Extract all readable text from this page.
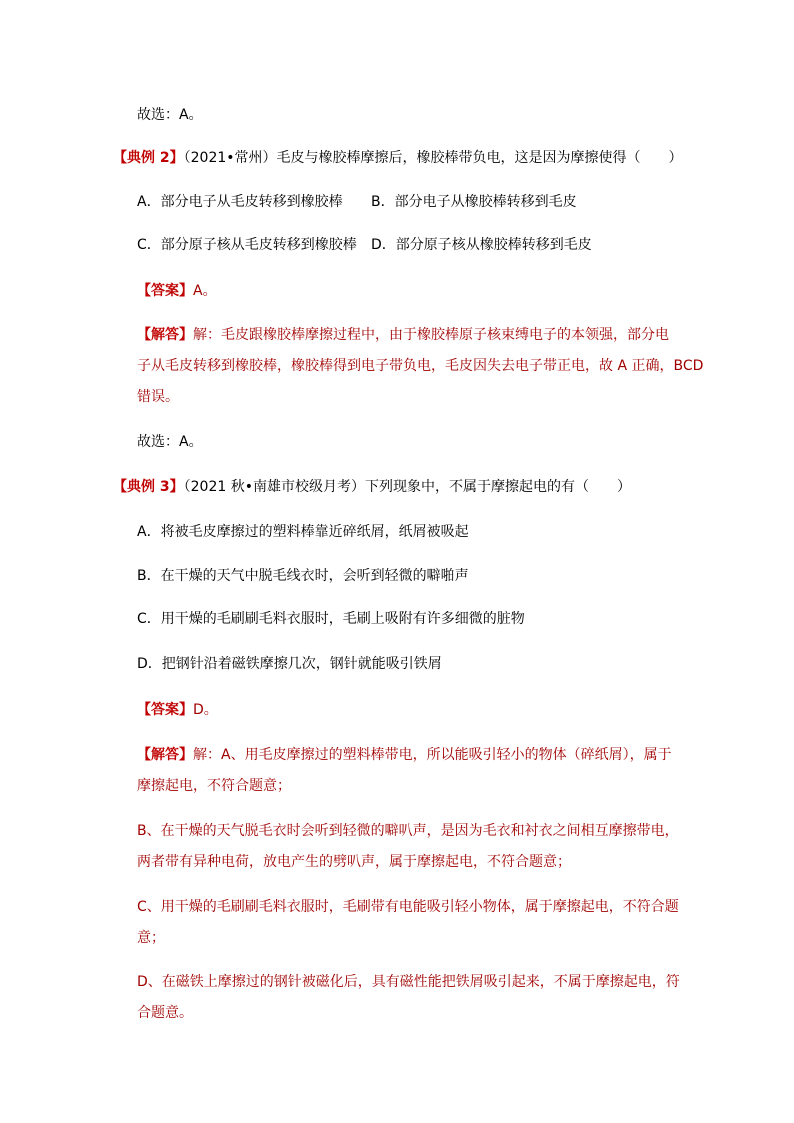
故选：A。
【典例 2】（2021•常州）毛皮与橡胶棒摩擦后，橡胶棒带负电，这是因为摩擦使得（　　）
A．部分电子从毛皮转移到橡胶棒 B．部分电子从橡胶棒转移到毛皮
C．部分原子核从毛皮转移到橡胶棒 D．部分原子核从橡胶棒转移到毛皮
【答案】A。
【解答】解：毛皮跟橡胶棒摩擦过程中，由于橡胶棒原子核束缚电子的本领强，部分电
子从毛皮转移到橡胶棒，橡胶棒得到电子带负电，毛皮因失去电子带正电，故 A 正确，BCD
错误。
故选：A。
【典例 3】（2021 秋•南雄市校级月考）下列现象中，不属于摩擦起电的有（　　）
A．将被毛皮摩擦过的塑料棒靠近碎纸屑，纸屑被吸起
B．在干燥的天气中脱毛线衣时，会听到轻微的噼啪声
C．用干燥的毛刷刷毛料衣服时，毛刷上吸附有许多细微的脏物
D．把钢针沿着磁铁摩擦几次，钢针就能吸引铁屑
【答案】D。
【解答】解：A、用毛皮摩擦过的塑料棒带电，所以能吸引轻小的物体（碎纸屑），属于
摩擦起电，不符合题意；
B、在干燥的天气脱毛衣时会听到轻微的噼叭声，是因为毛衣和衬衣之间相互摩擦带电，
两者带有异种电荷，放电产生的劈叭声，属于摩擦起电，不符合题意；
C、用干燥的毛刷刷毛料衣服时，毛刷带有电能吸引轻小物体，属于摩擦起电，不符合题
意；
D、在磁铁上摩擦过的钢针被磁化后，具有磁性能把铁屑吸引起来，不属于摩擦起电，符
合题意。
